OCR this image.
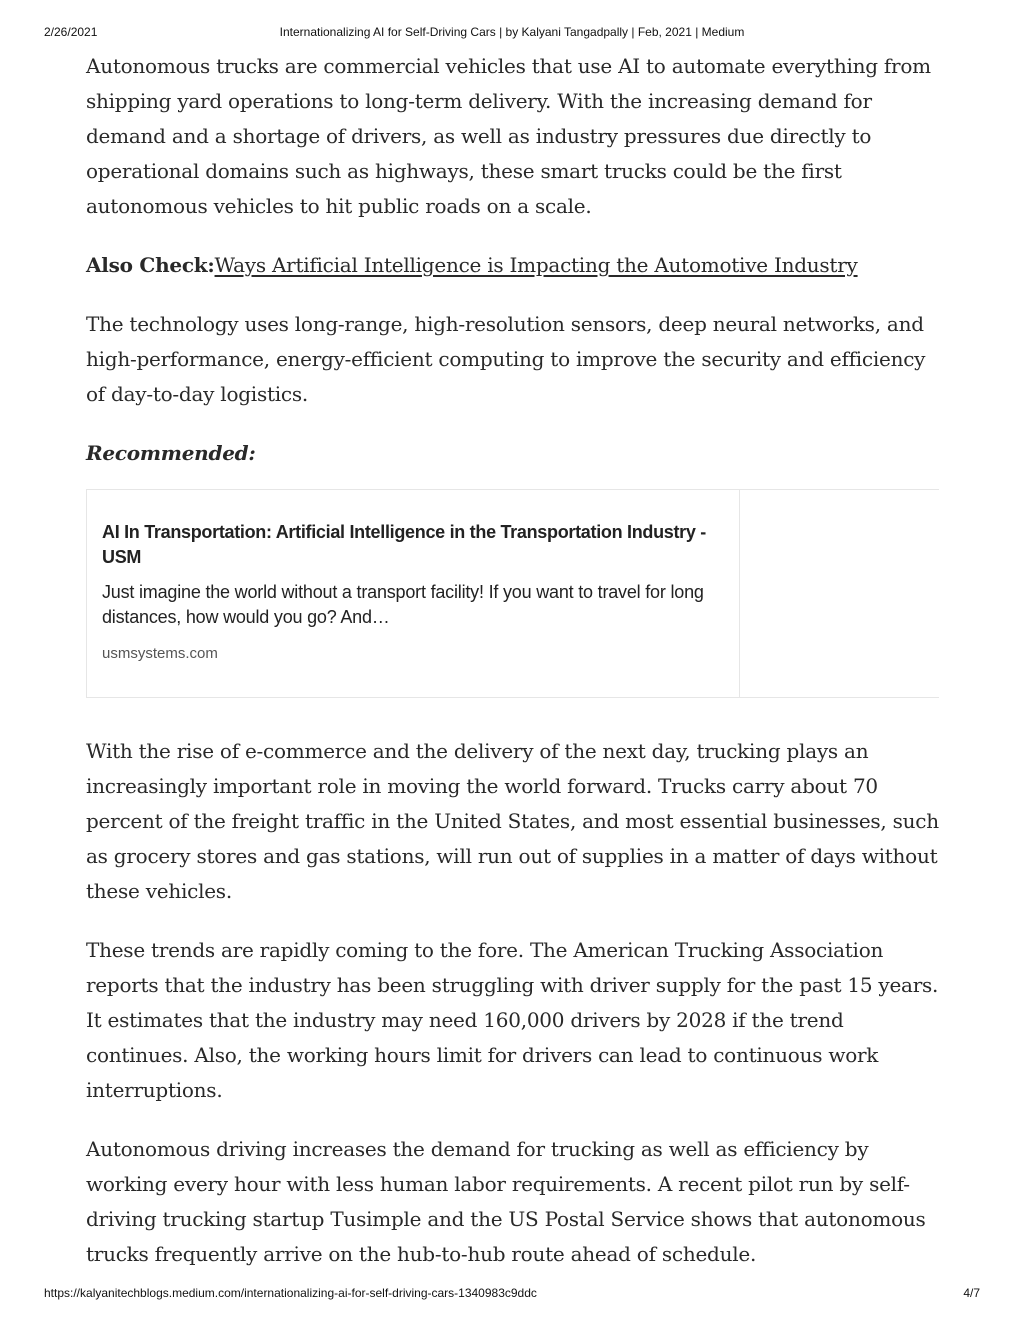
2/26/2021	Internationalizing AI for Self-Driving Cars | by Kalyani Tangadpally | Feb, 2021 | Medium

Autonomous trucks are commercial vehicles that use AI to automate everything from shipping yard operations to long-term delivery. With the increasing demand for demand and a shortage of drivers, as well as industry pressures due directly to operational domains such as highways, these smart trucks could be the first autonomous vehicles to hit public roads on a scale.

Also Check:Ways Artificial Intelligence is Impacting the Automotive Industry

The technology uses long-range, high-resolution sensors, deep neural networks, and high-performance, energy-efficient computing to improve the security and efficiency of day-to-day logistics.

Recommended:

AI In Transportation: Artificial Intelligence in the Transportation Industry - USM
Just imagine the world without a transport facility! If you want to travel for long distances, how would you go? And…
usmsystems.com

With the rise of e-commerce and the delivery of the next day, trucking plays an increasingly important role in moving the world forward. Trucks carry about 70 percent of the freight traffic in the United States, and most essential businesses, such as grocery stores and gas stations, will run out of supplies in a matter of days without these vehicles.

These trends are rapidly coming to the fore. The American Trucking Association reports that the industry has been struggling with driver supply for the past 15 years. It estimates that the industry may need 160,000 drivers by 2028 if the trend continues. Also, the working hours limit for drivers can lead to continuous work interruptions.

Autonomous driving increases the demand for trucking as well as efficiency by working every hour with less human labor requirements. A recent pilot run by self-driving trucking startup Tusimple and the US Postal Service shows that autonomous trucks frequently arrive on the hub-to-hub route ahead of schedule.

https://kalyanitechblogs.medium.com/internationalizing-ai-for-self-driving-cars-1340983c9ddc	4/7
